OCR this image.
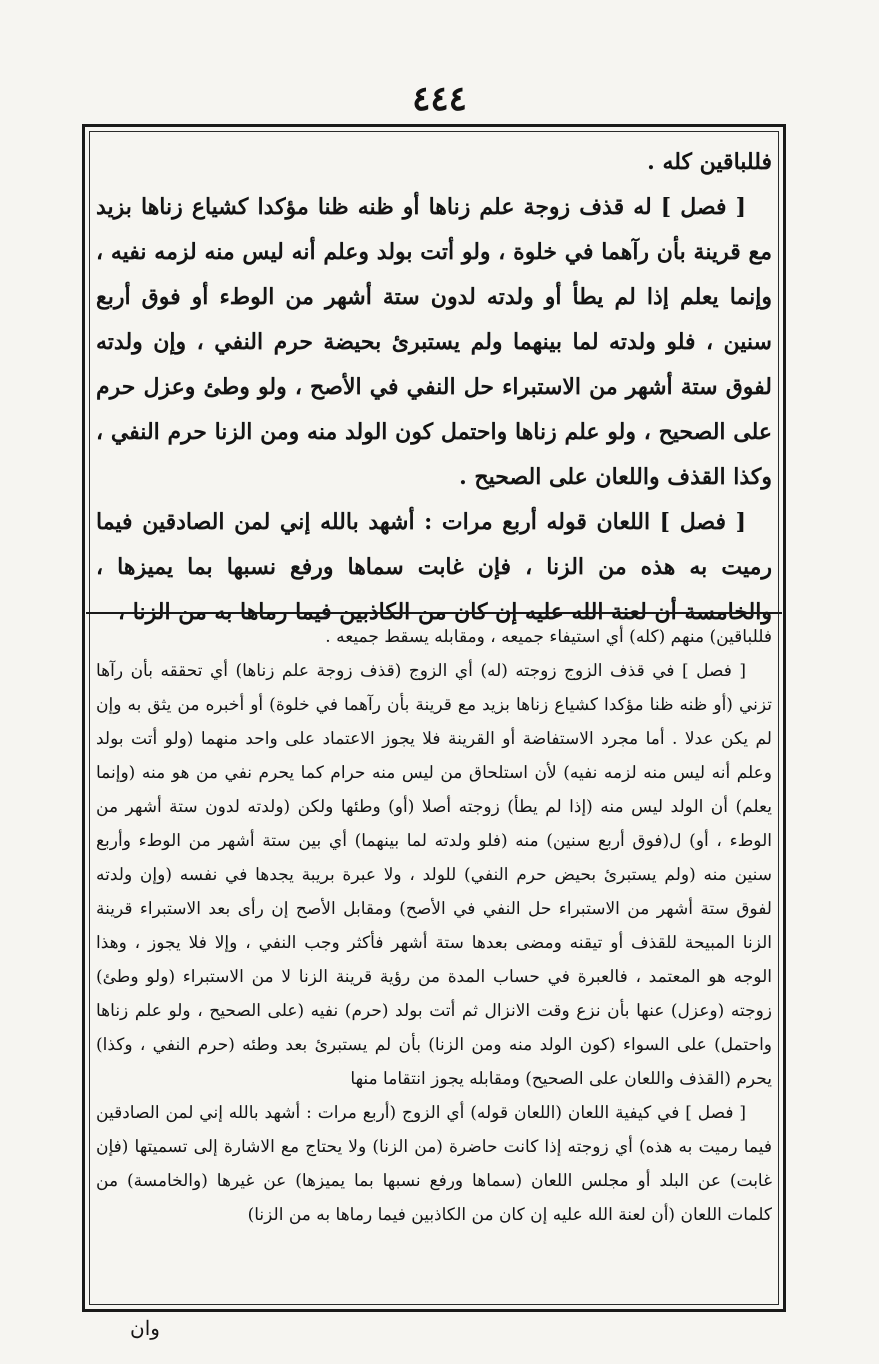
٤٤٤

فللباقين كله .

[ فصل ] له قذف زوجة علم زناها أو ظنه ظنا مؤكدا كشياع زناها بزيد مع قرينة بأن رآهما في خلوة ، ولو أتت بولد وعلم أنه ليس منه لزمه نفيه ، وإنما يعلم إذا لم يطأ أو ولدته لدون ستة أشهر من الوطء أو فوق أربع سنين ، فلو ولدته لما بينهما ولم يستبرئ بحيضة حرم النفي ، وإن ولدته لفوق ستة أشهر من الاستبراء حل النفي في الأصح ، ولو وطئ وعزل حرم على الصحيح ، ولو علم زناها واحتمل كون الولد منه ومن الزنا حرم النفي ، وكذا القذف واللعان على الصحيح .

[ فصل ] اللعان قوله أربع مرات : أشهد بالله إني لمن الصادقين فيما رميت به هذه من الزنا ، فإن غابت سماها ورفع نسبها بما يميزها ، والخامسة أن لعنة الله عليه إن كان من الكاذبين فيما رماها به من الزنا ،

فللباقين) منهم (كله) أي استيفاء جميعه ، ومقابله يسقط جميعه .

[ فصل ] في قذف الزوج زوجته (له) أي الزوج (قذف زوجة علم زناها) أي تحققه بأن رآها تزني (أو ظنه ظنا مؤكدا كشياع زناها بزيد مع قرينة بأن رآهما في خلوة) أو أخبره من يثق به وإن لم يكن عدلا . أما مجرد الاستفاضة أو القرينة فلا يجوز الاعتماد على واحد منهما (ولو أتت بولد وعلم أنه ليس منه لزمه نفيه) لأن استلحاق من ليس منه حرام كما يحرم نفي من هو منه (وإنما يعلم) أن الولد ليس منه (إذا لم يطأ) زوجته أصلا (أو) وطئها ولكن (ولدته لدون ستة أشهر من الوطء ، أو) ل(فوق أربع سنين) منه (فلو ولدته لما بينهما) أي بين ستة أشهر من الوطء وأربع سنين منه (ولم يستبرئ بحيض حرم النفي) للولد ، ولا عبرة بريبة يجدها في نفسه (وإن ولدته لفوق ستة أشهر من الاستبراء حل النفي في الأصح) ومقابل الأصح إن رأى بعد الاستبراء قرينة الزنا المبيحة للقذف أو تيقنه ومضى بعدها ستة أشهر فأكثر وجب النفي ، وإلا فلا يجوز ، وهذا الوجه هو المعتمد ، فالعبرة في حساب المدة من رؤية قرينة الزنا لا من الاستبراء (ولو وطئ) زوجته (وعزل) عنها بأن نزع وقت الانزال ثم أتت بولد (حرم) نفيه (على الصحيح ، ولو علم زناها واحتمل) على السواء (كون الولد منه ومن الزنا) بأن لم يستبرئ بعد وطئه (حرم النفي ، وكذا) يحرم (القذف واللعان على الصحيح) ومقابله يجوز انتقاما منها

[ فصل ] في كيفية اللعان (اللعان قوله) أي الزوج (أربع مرات : أشهد بالله إني لمن الصادقين فيما رميت به هذه) أي زوجته إذا كانت حاضرة (من الزنا) ولا يحتاج مع الاشارة إلى تسميتها (فإن غابت) عن البلد أو مجلس اللعان (سماها ورفع نسبها بما يميزها) عن غيرها (والخامسة) من كلمات اللعان (أن لعنة الله عليه إن كان من الكاذبين فيما رماها به من الزنا)

وان
